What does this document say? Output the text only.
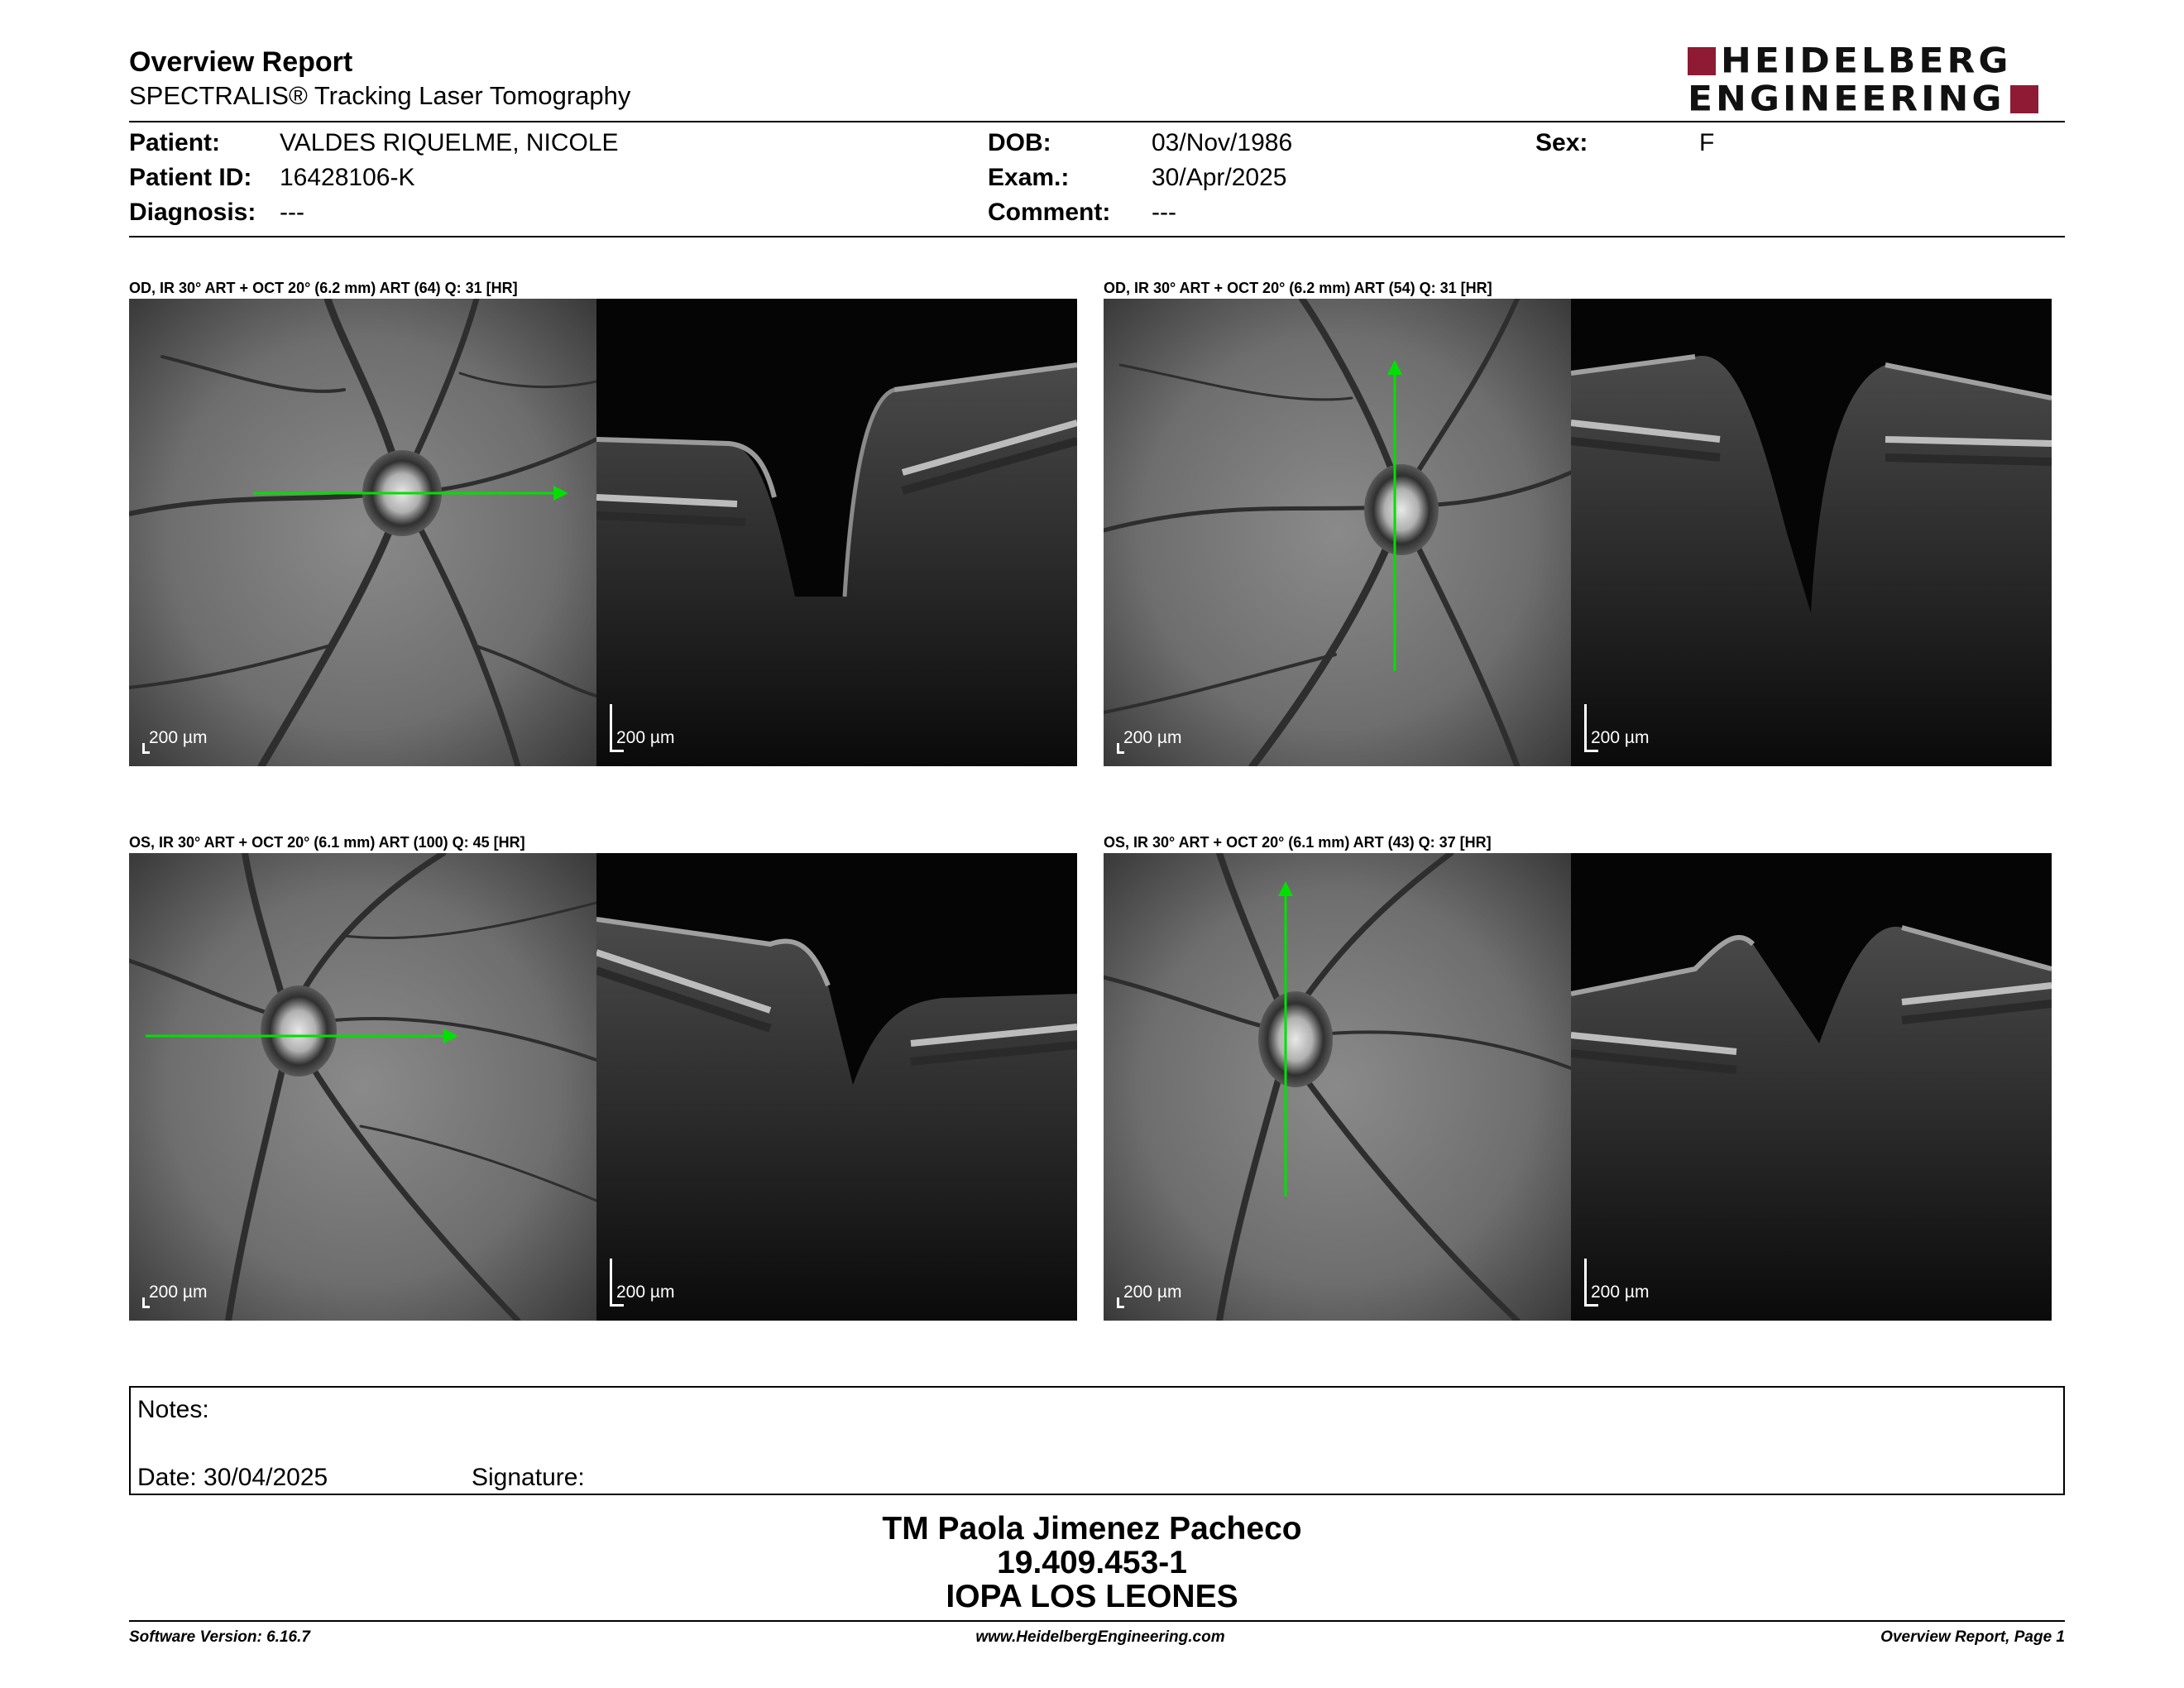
Overview Report
SPECTRALIS® Tracking Laser Tomography
HEIDELBERG
ENGINEERING
Patient: VALDES RIQUELME, NICOLE
Patient ID: 16428106-K
Diagnosis: ---
DOB:	03/Nov/1986
Exam.:	30/Apr/2025
Comment: ---
Sex:	F
OD, IR 30° ART + OCT 20° (6.2 mm) ART (64) Q: 31 [HR]
200 µm	200 µm
OD, IR 30° ART + OCT 20° (6.2 mm) ART (54) Q: 31 [HR]
200 µm	200 µm
OS, IR 30° ART + OCT 20° (6.1 mm) ART (100) Q: 45 [HR]
200 µm	200 µm
OS, IR 30° ART + OCT 20° (6.1 mm) ART (43) Q: 37 [HR]
200 µm	200 µm
Notes:
Date: 30/04/2025	Signature:
TM Paola Jimenez Pacheco
19.409.453-1
IOPA LOS LEONES
Software Version: 6.16.7	www.HeidelbergEngineering.com	Overview Report, Page 1
